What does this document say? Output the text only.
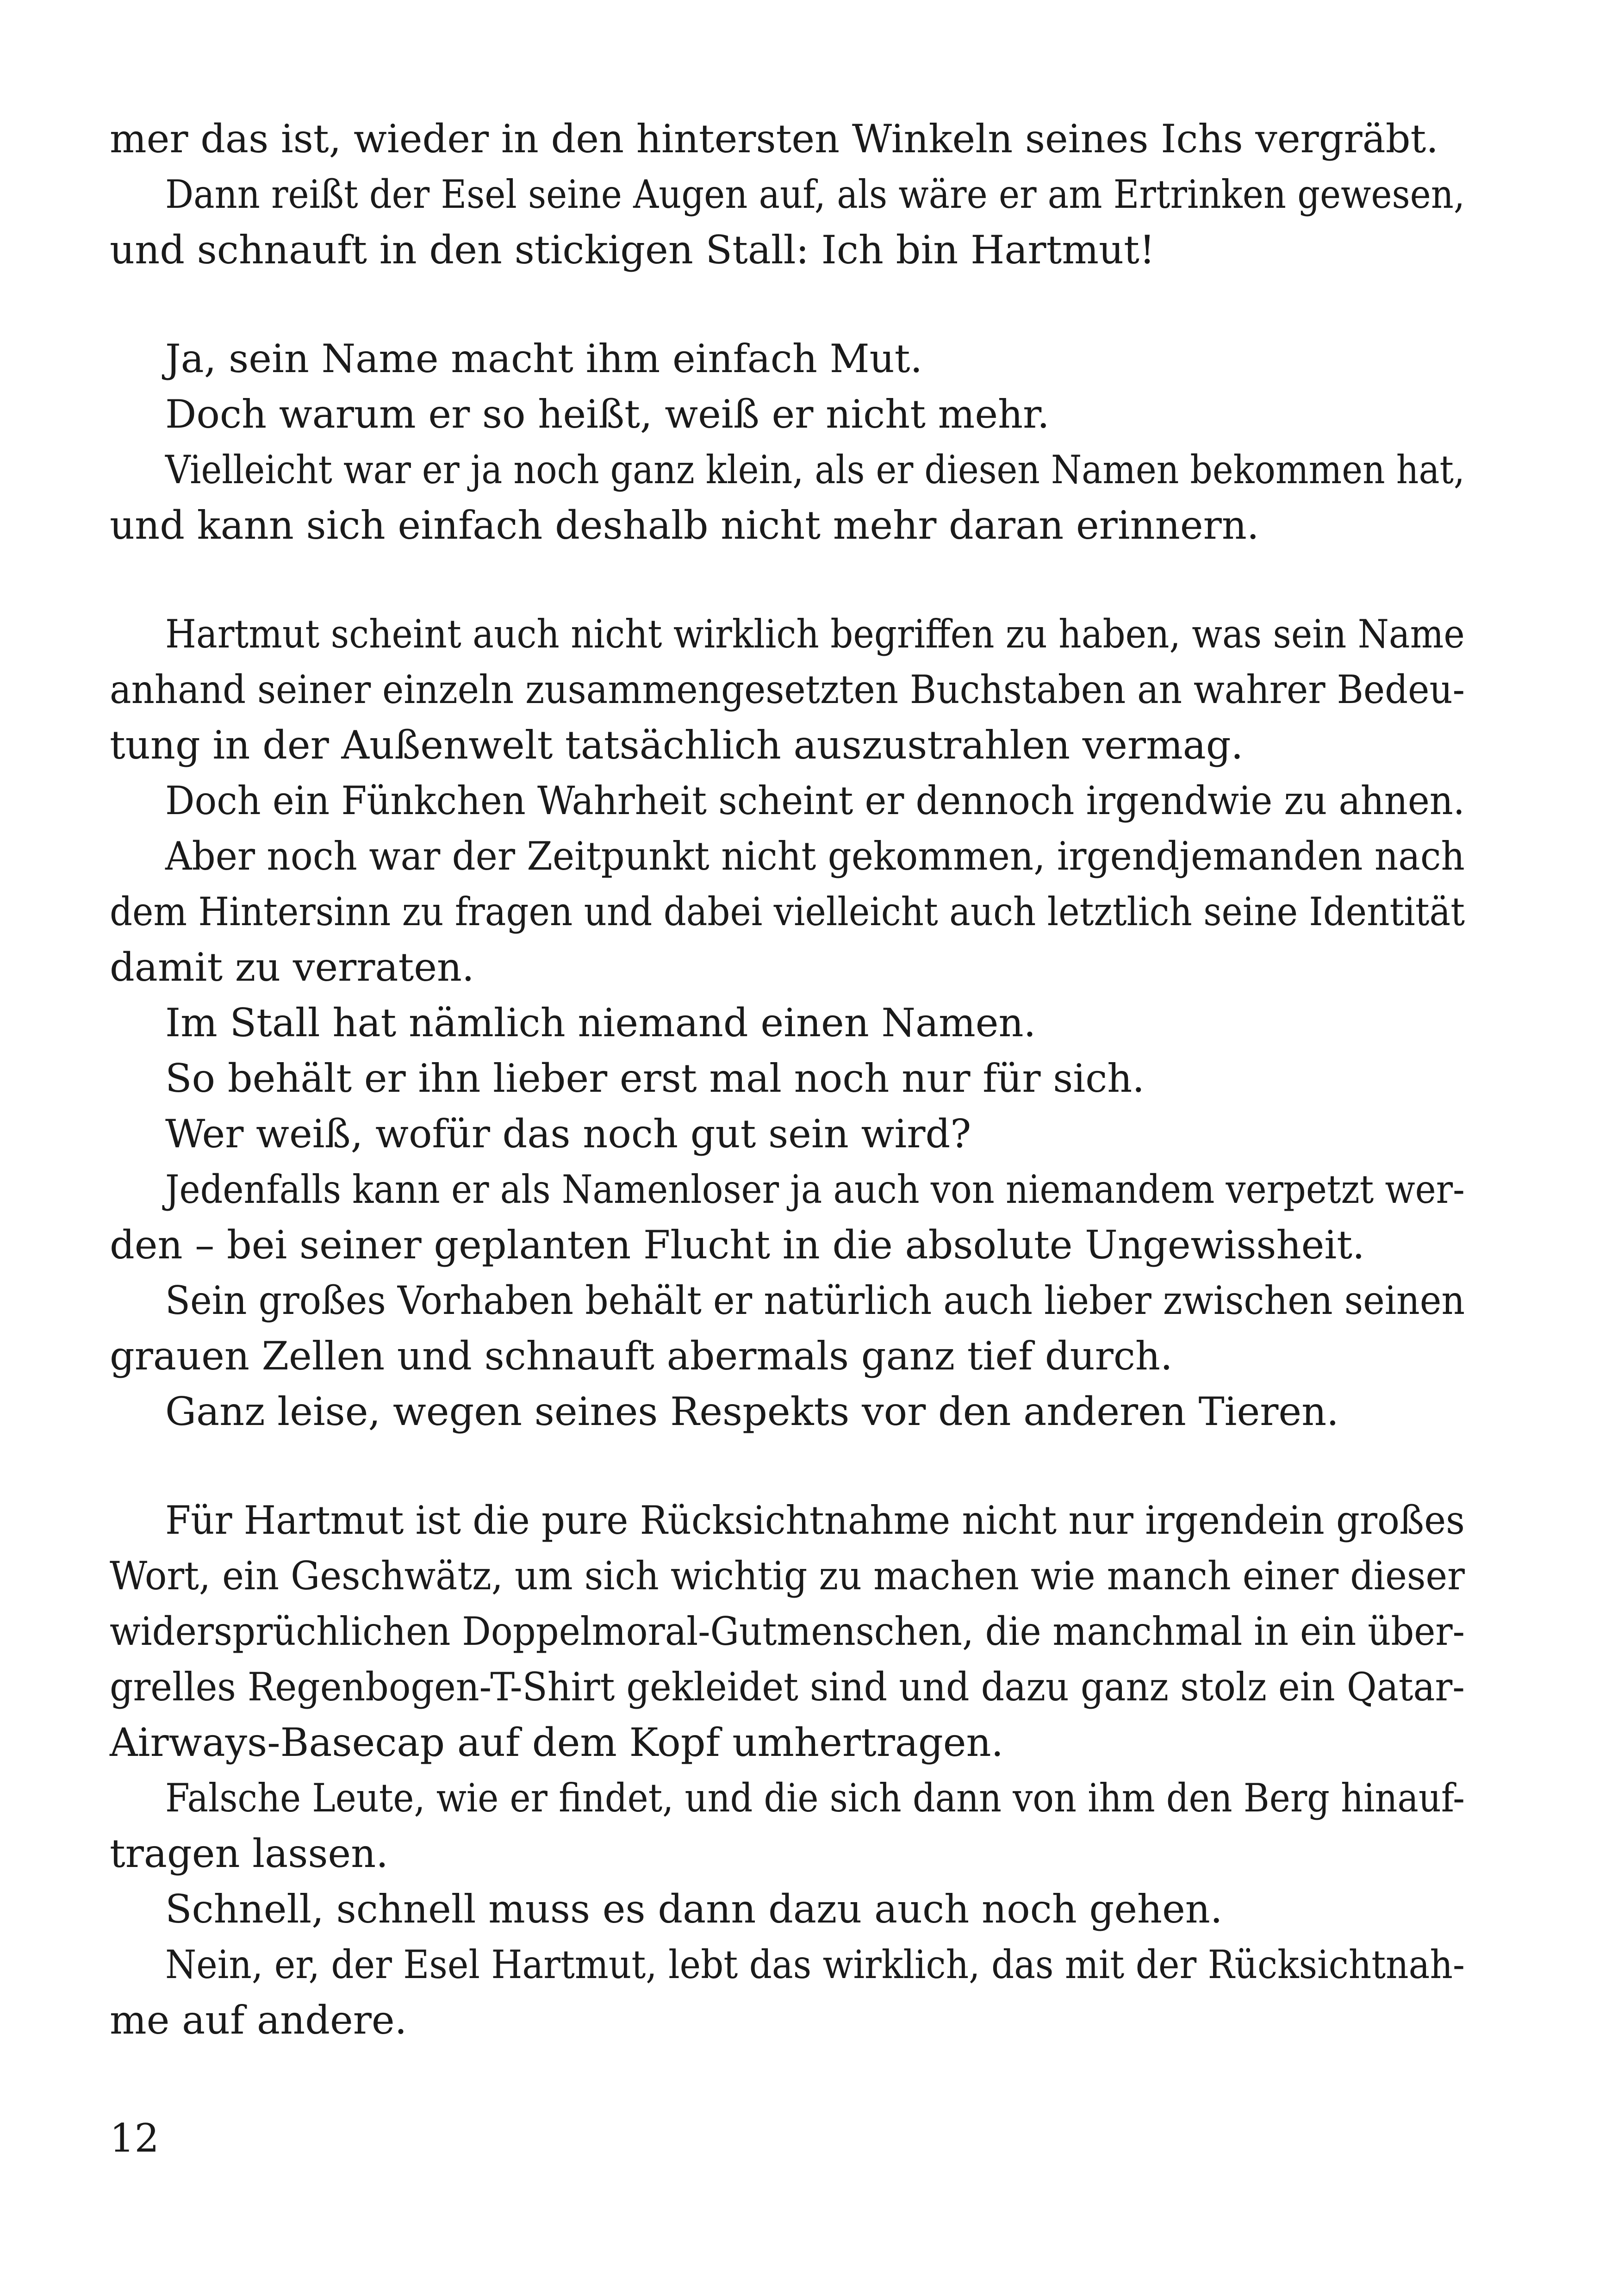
mer das ist, wieder in den hintersten Winkeln seines Ichs vergräbt.
Dann reißt der Esel seine Augen auf, als wäre er am Ertrinken gewesen,
und schnauft in den stickigen Stall: Ich bin Hartmut!
Ja, sein Name macht ihm einfach Mut.
Doch warum er so heißt, weiß er nicht mehr.
Vielleicht war er ja noch ganz klein, als er diesen Namen bekommen hat,
und kann sich einfach deshalb nicht mehr daran erinnern.
Hartmut scheint auch nicht wirklich begriffen zu haben, was sein Name
anhand seiner einzeln zusammengesetzten Buchstaben an wahrer Bedeu-
tung in der Außenwelt tatsächlich auszustrahlen vermag.
Doch ein Fünkchen Wahrheit scheint er dennoch irgendwie zu ahnen.
Aber noch war der Zeitpunkt nicht gekommen, irgendjemanden nach
dem Hintersinn zu fragen und dabei vielleicht auch letztlich seine Identität
damit zu verraten.
Im Stall hat nämlich niemand einen Namen.
So behält er ihn lieber erst mal noch nur für sich.
Wer weiß, wofür das noch gut sein wird?
Jedenfalls kann er als Namenloser ja auch von niemandem verpetzt wer-
den – bei seiner geplanten Flucht in die absolute Ungewissheit.
Sein großes Vorhaben behält er natürlich auch lieber zwischen seinen
grauen Zellen und schnauft abermals ganz tief durch.
Ganz leise, wegen seines Respekts vor den anderen Tieren.
Für Hartmut ist die pure Rücksichtnahme nicht nur irgendein großes
Wort, ein Geschwätz, um sich wichtig zu machen wie manch einer dieser
widersprüchlichen Doppelmoral-Gutmenschen, die manchmal in ein über-
grelles Regenbogen-T-Shirt gekleidet sind und dazu ganz stolz ein Qatar-
Airways-Basecap auf dem Kopf umhertragen.
Falsche Leute, wie er findet, und die sich dann von ihm den Berg hinauf-
tragen lassen.
Schnell, schnell muss es dann dazu auch noch gehen.
Nein, er, der Esel Hartmut, lebt das wirklich, das mit der Rücksichtnah-
me auf andere.
12
